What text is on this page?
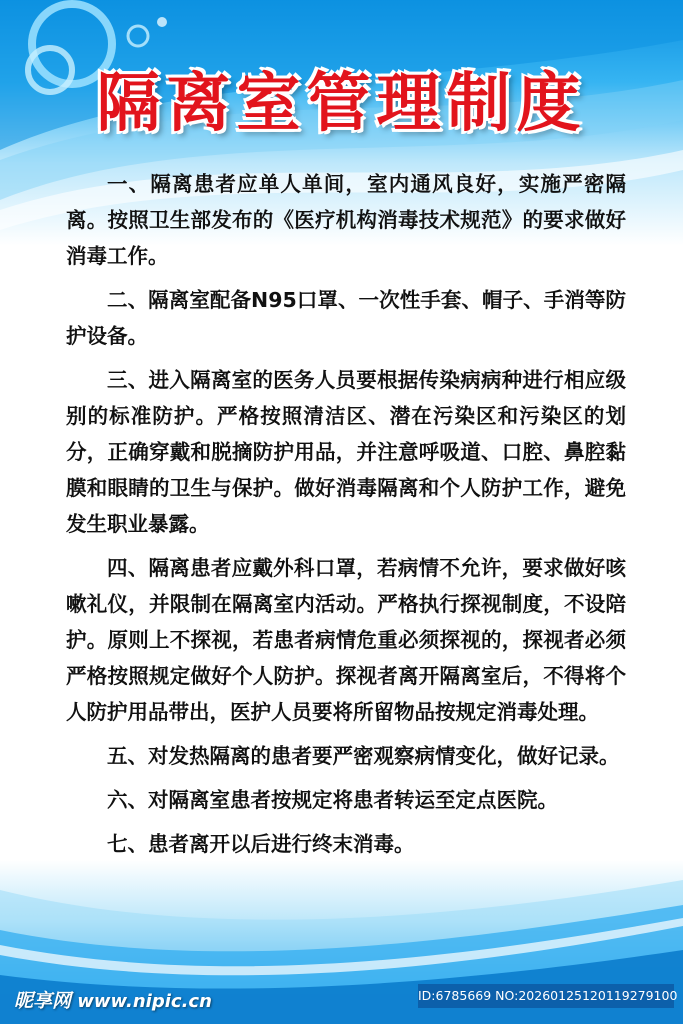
隔离室管理制度

一、隔离患者应单人单间，室内通风良好，实施严密隔离。按照卫生部发布的《医疗机构消毒技术规范》的要求做好消毒工作。

二、隔离室配备N95口罩、一次性手套、帽子、手消等防护设备。

三、进入隔离室的医务人员要根据传染病病种进行相应级别的标准防护。严格按照清洁区、潜在污染区和污染区的划分，正确穿戴和脱摘防护用品，并注意呼吸道、口腔、鼻腔黏膜和眼睛的卫生与保护。做好消毒隔离和个人防护工作，避免发生职业暴露。

四、隔离患者应戴外科口罩，若病情不允许，要求做好咳嗽礼仪，并限制在隔离室内活动。严格执行探视制度，不设陪护。原则上不探视，若患者病情危重必须探视的，探视者必须严格按照规定做好个人防护。探视者离开隔离室后，不得将个人防护用品带出，医护人员要将所留物品按规定消毒处理。

五、对发热隔离的患者要严密观察病情变化，做好记录。

六、对隔离室患者按规定将患者转运至定点医院。

七、患者离开以后进行终末消毒。

昵享网 www.nipic.cn	ID:6785669 NO:20260125120119279100
